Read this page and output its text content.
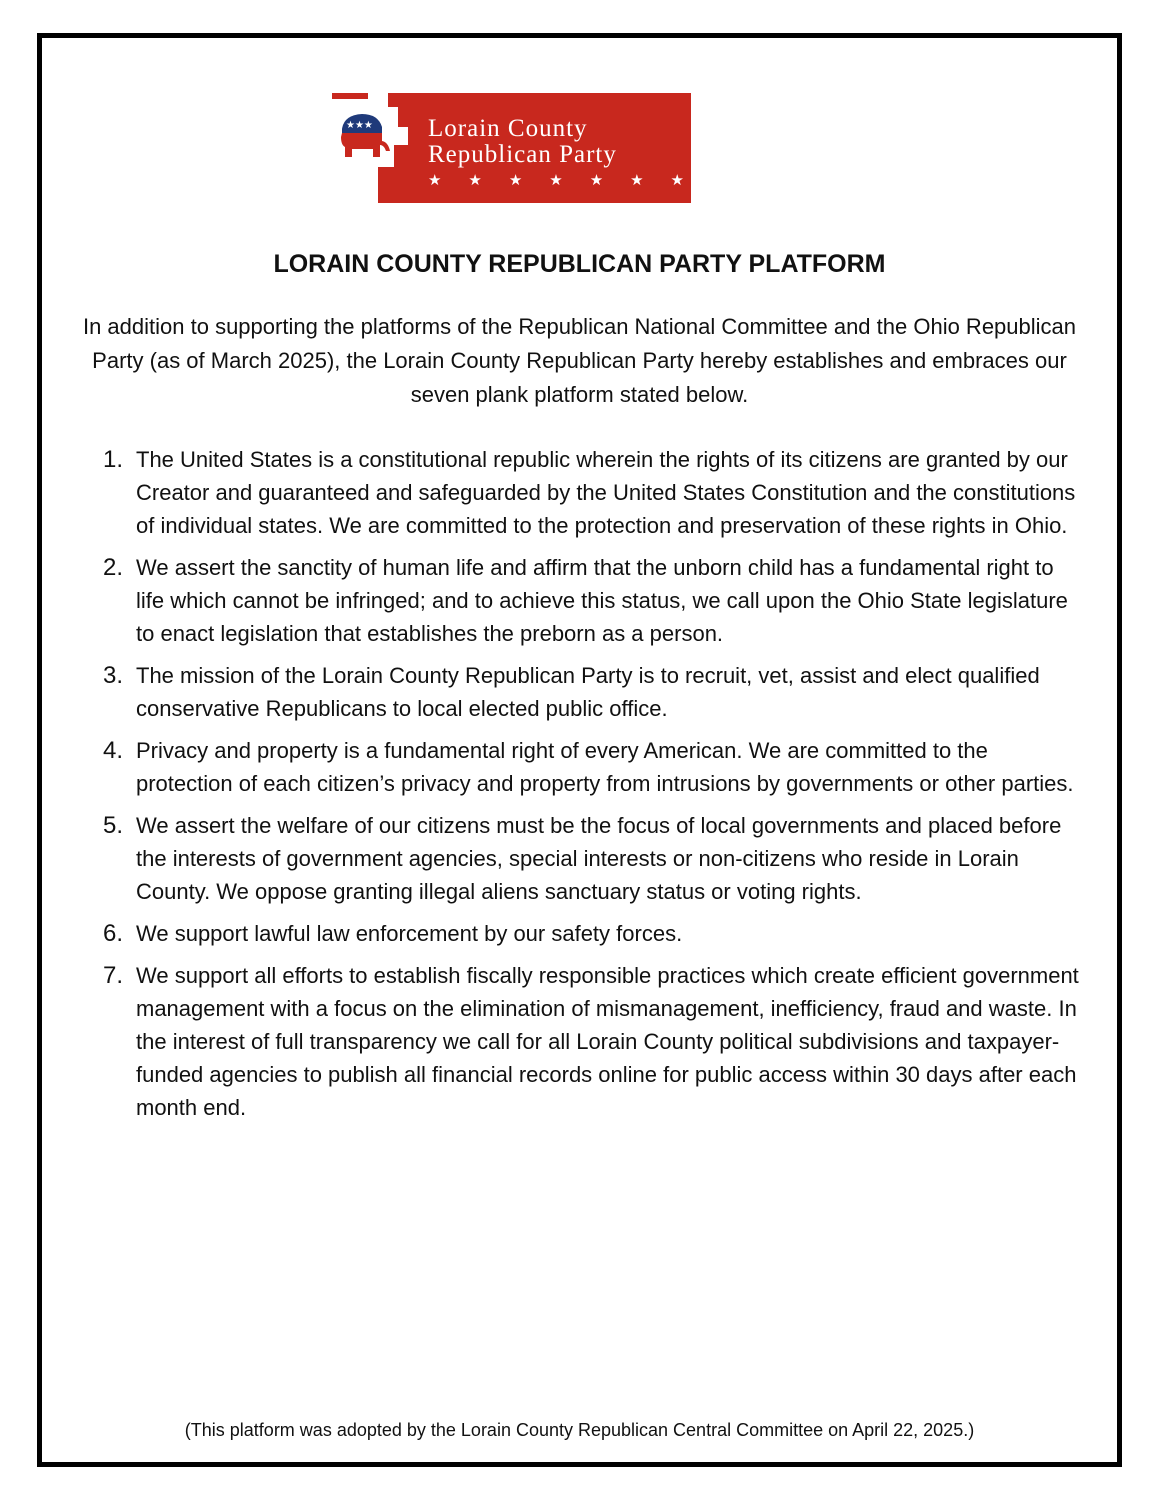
★★★ Lorain County
Republican Party
★ ★ ★ ★ ★ ★ ★
LORAIN COUNTY REPUBLICAN PARTY PLATFORM
In addition to supporting the platforms of the Republican National Committee and the Ohio Republican Party (as of March 2025), the Lorain County Republican Party hereby establishes and embraces our seven plank platform stated below.
1. The United States is a constitutional republic wherein the rights of its citizens are granted by our Creator and guaranteed and safeguarded by the United States Constitution and the constitutions of individual states. We are committed to the protection and preservation of these rights in Ohio.
2. We assert the sanctity of human life and affirm that the unborn child has a fundamental right to life which cannot be infringed; and to achieve this status, we call upon the Ohio State legislature to enact legislation that establishes the preborn as a person.
3. The mission of the Lorain County Republican Party is to recruit, vet, assist and elect qualified conservative Republicans to local elected public office.
4. Privacy and property is a fundamental right of every American. We are committed to the protection of each citizen’s privacy and property from intrusions by governments or other parties.
5. We assert the welfare of our citizens must be the focus of local governments and placed before the interests of government agencies, special interests or non-citizens who reside in Lorain County. We oppose granting illegal aliens sanctuary status or voting rights.
6. We support lawful law enforcement by our safety forces.
7. We support all efforts to establish fiscally responsible practices which create efficient government management with a focus on the elimination of mismanagement, inefficiency, fraud and waste. In the interest of full transparency we call for all Lorain County political subdivisions and taxpayer-funded agencies to publish all financial records online for public access within 30 days after each month end.
(This platform was adopted by the Lorain County Republican Central Committee on April 22, 2025.)
